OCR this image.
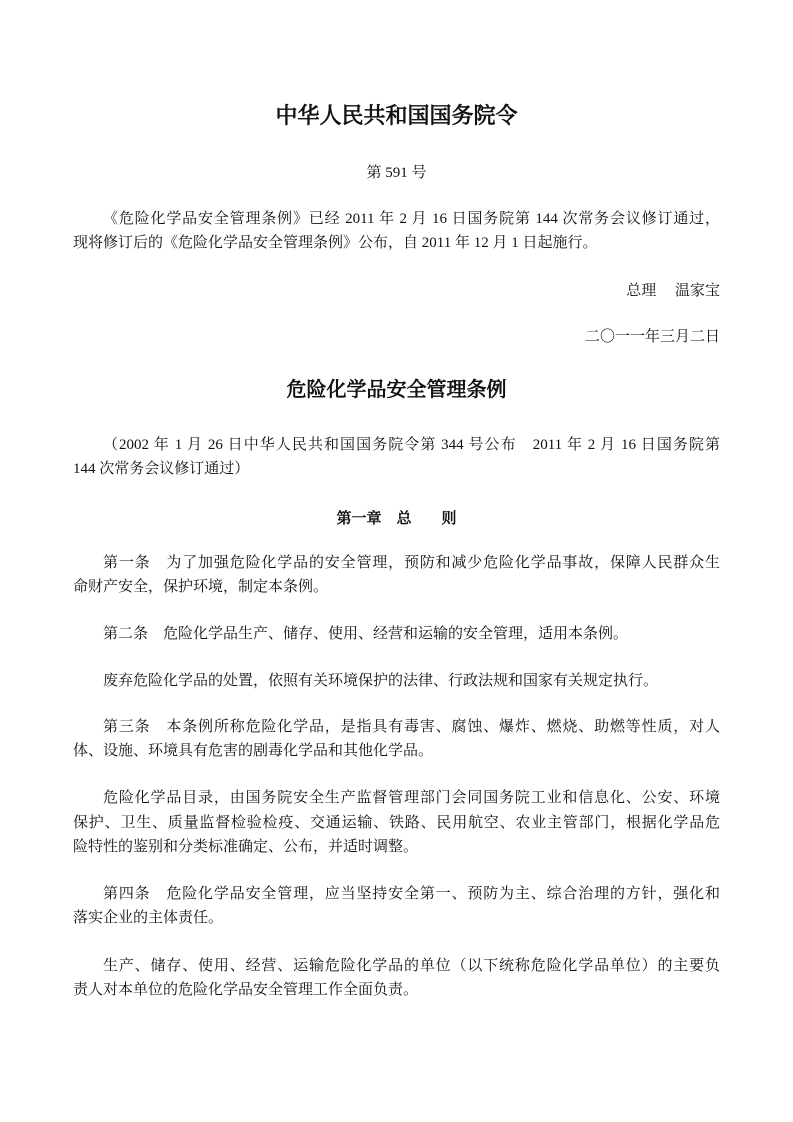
中华人民共和国国务院令
第 591 号
《危险化学品安全管理条例》已经 2011 年 2 月 16 日国务院第 144 次常务会议修订通过，
现将修订后的《危险化学品安全管理条例》公布，自 2011 年 12 月 1 日起施行。
总理　 温家宝
二〇一一年三月二日
危险化学品安全管理条例
（2002 年 1 月 26 日中华人民共和国国务院令第 344 号公布　2011 年 2 月 16 日国务院第
144 次常务会议修订通过）
第一章　总　　则
第一条　为了加强危险化学品的安全管理，预防和减少危险化学品事故，保障人民群众生
命财产安全，保护环境，制定本条例。
第二条　危险化学品生产、储存、使用、经营和运输的安全管理，适用本条例。
废弃危险化学品的处置，依照有关环境保护的法律、行政法规和国家有关规定执行。
第三条　本条例所称危险化学品，是指具有毒害、腐蚀、爆炸、燃烧、助燃等性质，对人
体、设施、环境具有危害的剧毒化学品和其他化学品。
危险化学品目录，由国务院安全生产监督管理部门会同国务院工业和信息化、公安、环境
保护、卫生、质量监督检验检疫、交通运输、铁路、民用航空、农业主管部门，根据化学品危
险特性的鉴别和分类标准确定、公布，并适时调整。
第四条　危险化学品安全管理，应当坚持安全第一、预防为主、综合治理的方针，强化和
落实企业的主体责任。
生产、储存、使用、经营、运输危险化学品的单位（以下统称危险化学品单位）的主要负
责人对本单位的危险化学品安全管理工作全面负责。
